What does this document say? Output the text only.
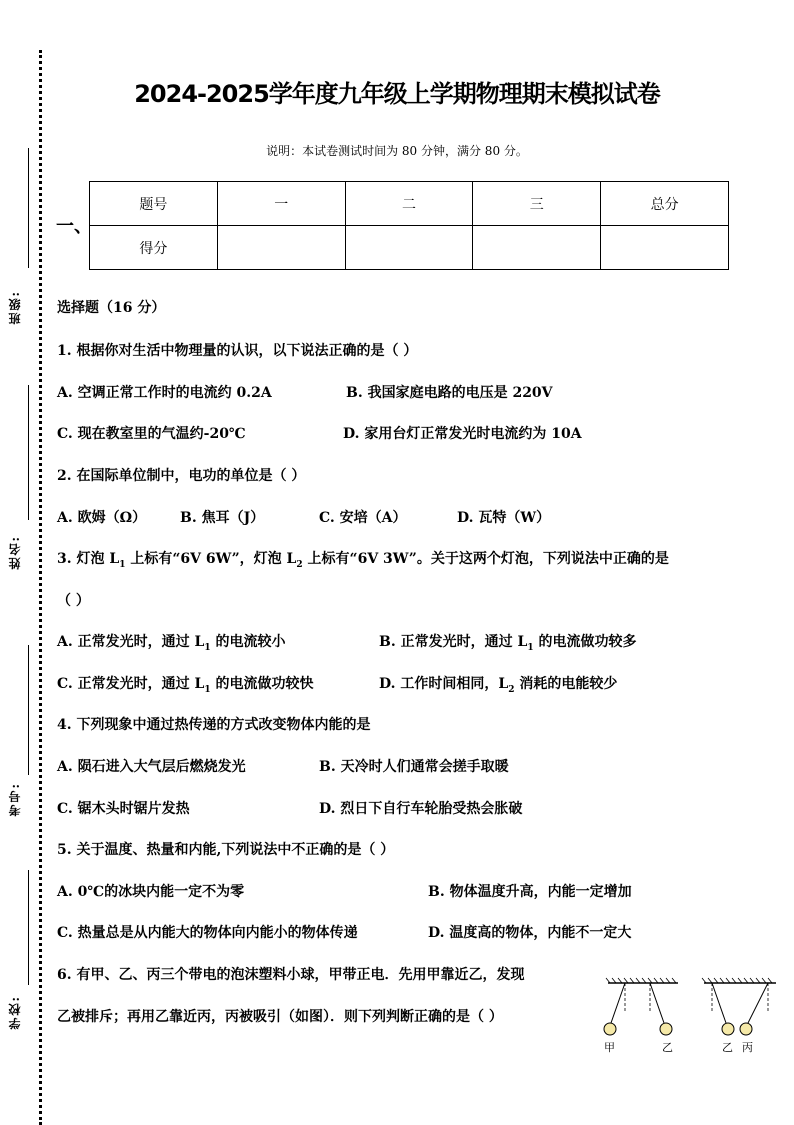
班级:
姓名:
考号:
学校:
2024-2025学年度九年级上学期物理期末模拟试卷
说明：本试卷测试时间为 80 分钟，满分 80 分。
题号	一	二	三	总分
得分				
一、
选择题（16 分）
1. 根据你对生活中物理量的认识，以下说法正确的是（ ）
A. 空调正常工作时的电流约 0.2A	B. 我国家庭电路的电压是 220V
C. 现在教室里的气温约-20℃	D. 家用台灯正常发光时电流约为 10A
2. 在国际单位制中，电功的单位是（ ）
A. 欧姆（Ω） B. 焦耳（J）	C. 安培（A）	D. 瓦特（W）
3. 灯泡 $L_1$ 上标有“6V 6W”，灯泡 $L_2$ 上标有“6V 3W”。关于这两个灯泡，下列说法中正确的是
（ ）
A. 正常发光时，通过 $L_1$ 的电流较小	B. 正常发光时，通过 $L_1$ 的电流做功较多
C. 正常发光时，通过 $L_1$ 的电流做功较快	D. 工作时间相同，$L_2$ 消耗的电能较少
4. 下列现象中通过热传递的方式改变物体内能的是
A. 陨石进入大气层后燃烧发光	B. 天冷时人们通常会搓手取暖
C. 锯木头时锯片发热	D. 烈日下自行车轮胎受热会胀破
5. 关于温度、热量和内能,下列说法中不正确的是（ ）
A. 0℃的冰块内能一定不为零	B. 物体温度升高，内能一定增加
C. 热量总是从内能大的物体向内能小的物体传递	D. 温度高的物体，内能不一定大
6. 有甲、乙、丙三个带电的泡沫塑料小球，甲带正电．先用甲靠近乙，发现
乙被排斥；再用乙靠近丙，丙被吸引（如图）．则下列判断正确的是（ ）
甲	乙	乙 丙
